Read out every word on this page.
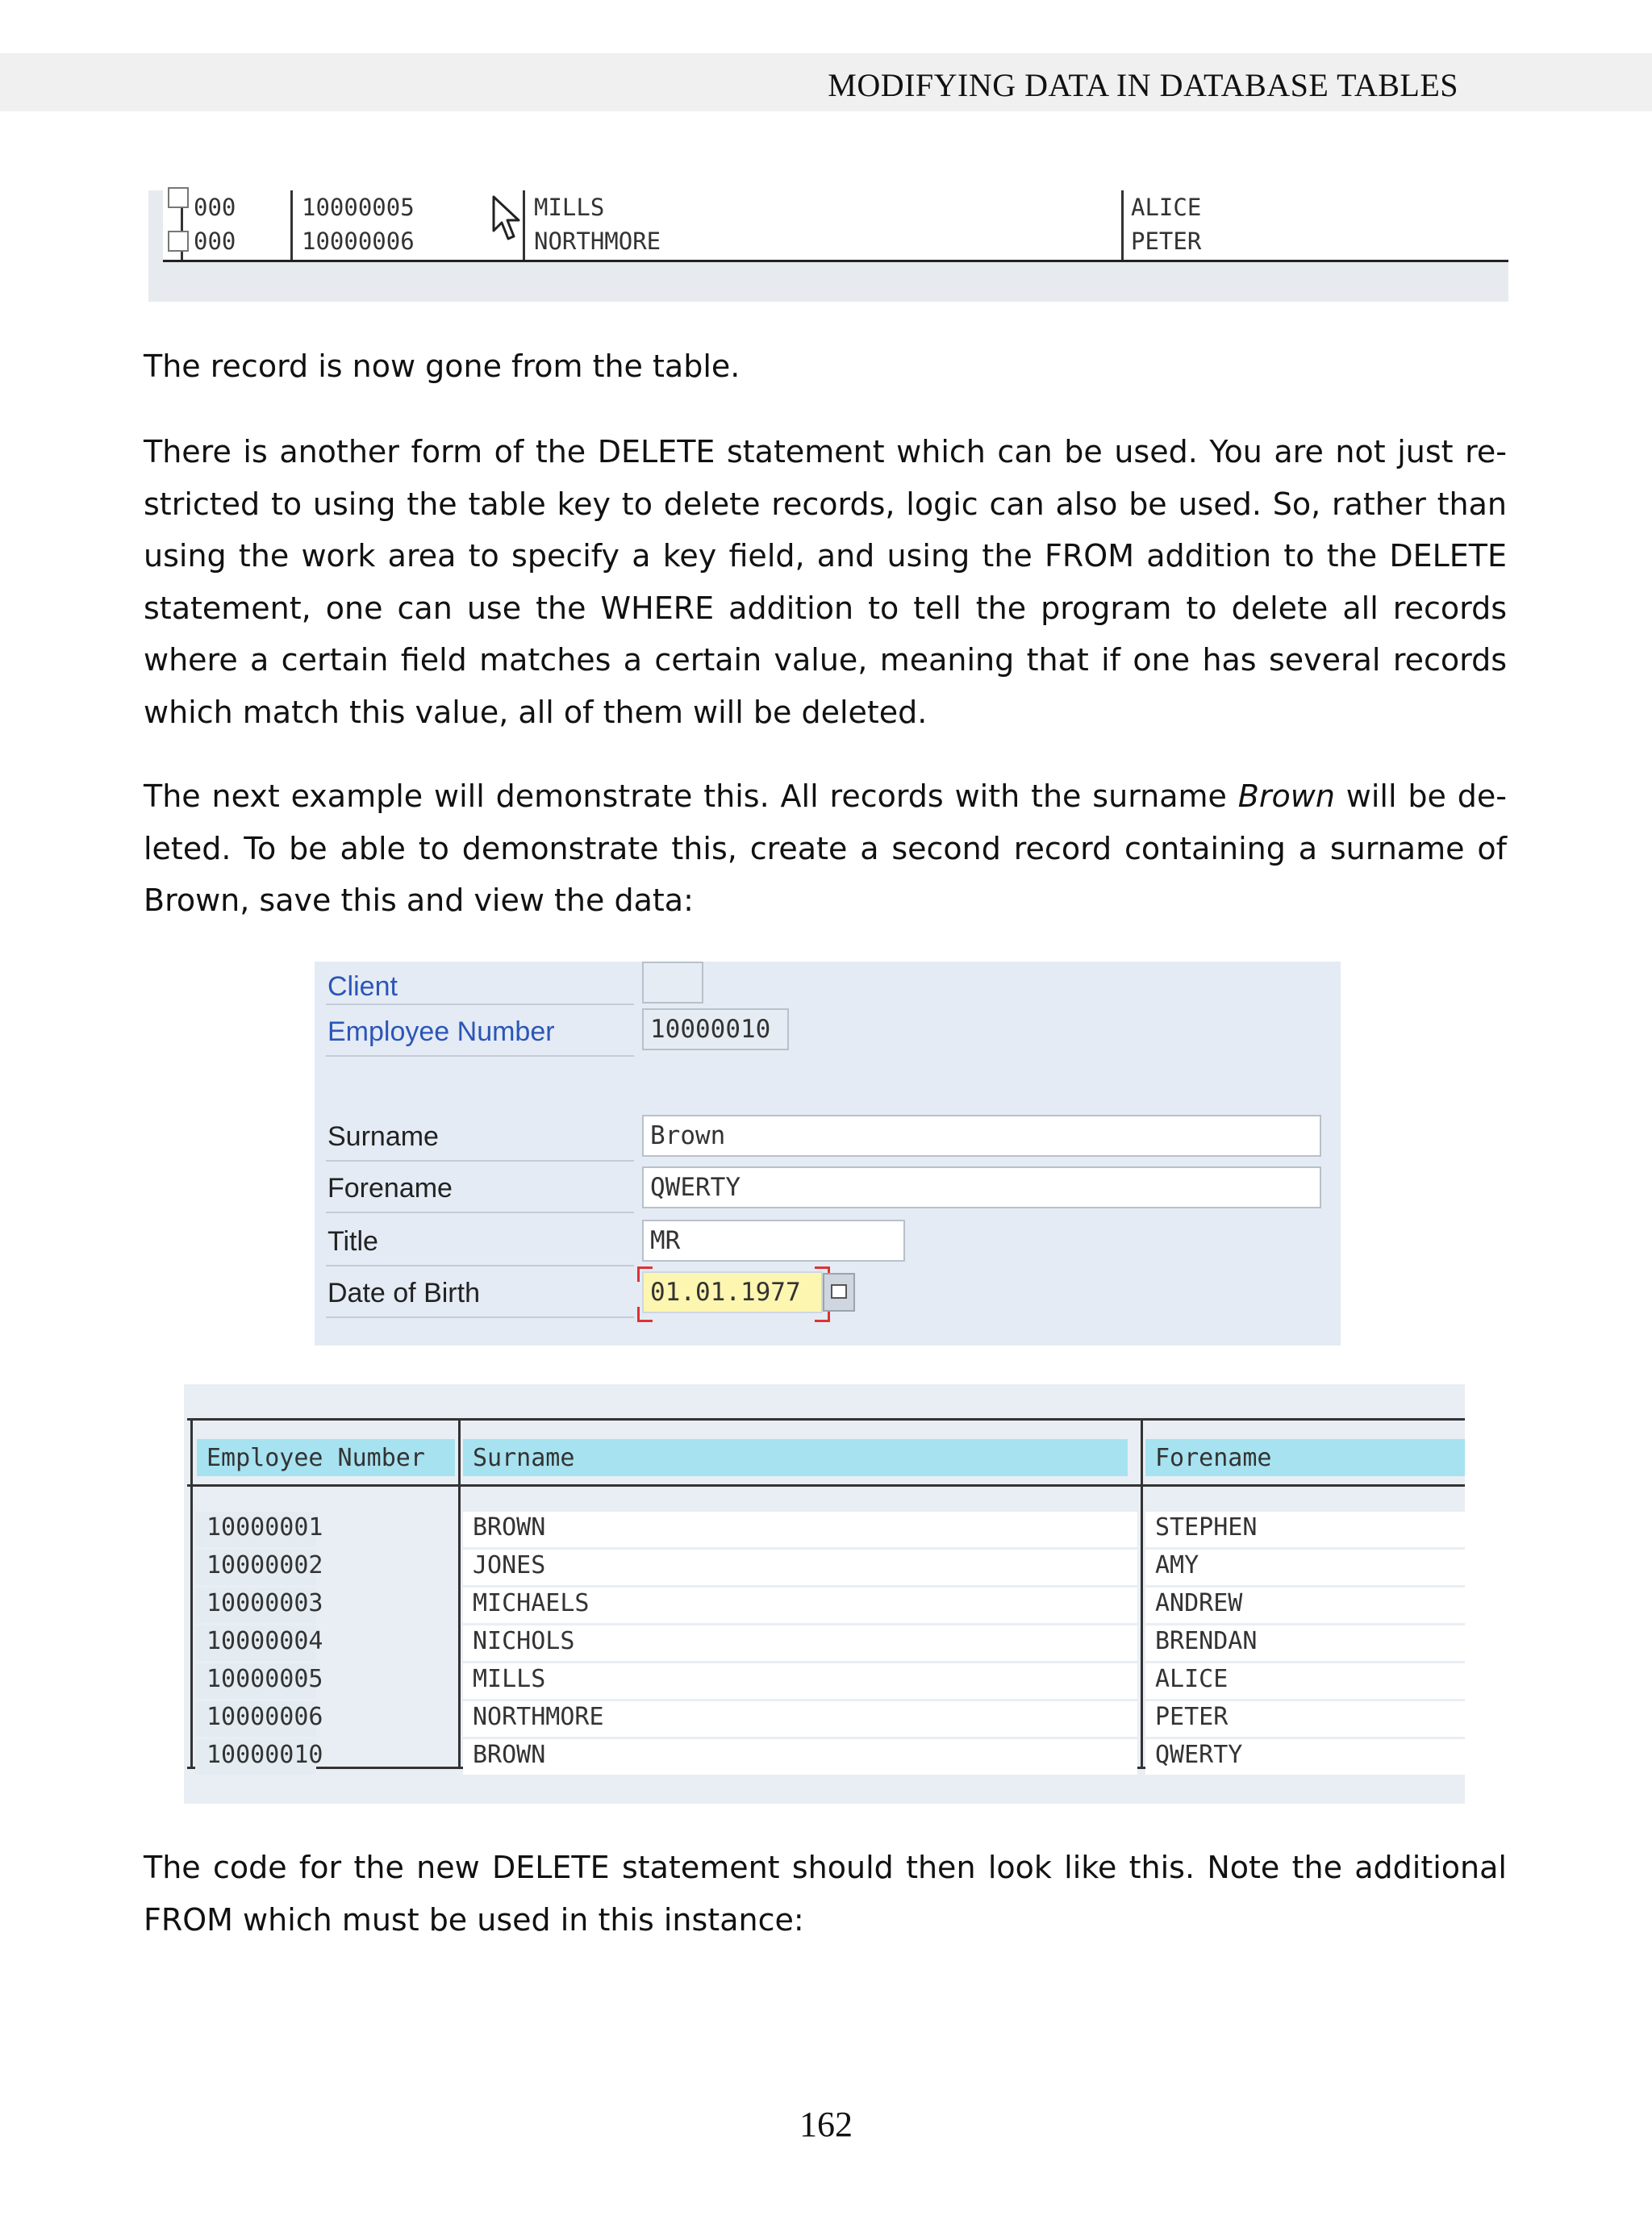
MODIFYING DATA IN DATABASE TABLES
000	10000005	MILLS	ALICE
000	10000006	NORTHMORE	PETER
The record is now gone from the table.
There is another form of the DELETE statement which can be used. You are not just restricted to using the table key to delete records, logic can also be used. So, rather than using the work area to specify a key field, and using the FROM addition to the DELETE statement, one can use the WHERE addition to tell the program to delete all records where a certain field matches a certain value, meaning that if one has several records which match this value, all of them will be deleted.
The next example will demonstrate this. All records with the surname Brown will be deleted. To be able to demonstrate this, create a second record containing a surname of Brown, save this and view the data:
Client
Employee Number	10000010
Surname	Brown
Forename	QWERTY
Title	MR
Date of Birth	01.01.1977
Employee Number	Surname	Forename
10000001	BROWN	STEPHEN
10000002	JONES	AMY
10000003	MICHAELS	ANDREW
10000004	NICHOLS	BRENDAN
10000005	MILLS	ALICE
10000006	NORTHMORE	PETER
10000010	BROWN	QWERTY
The code for the new DELETE statement should then look like this. Note the additional FROM which must be used in this instance:
162
